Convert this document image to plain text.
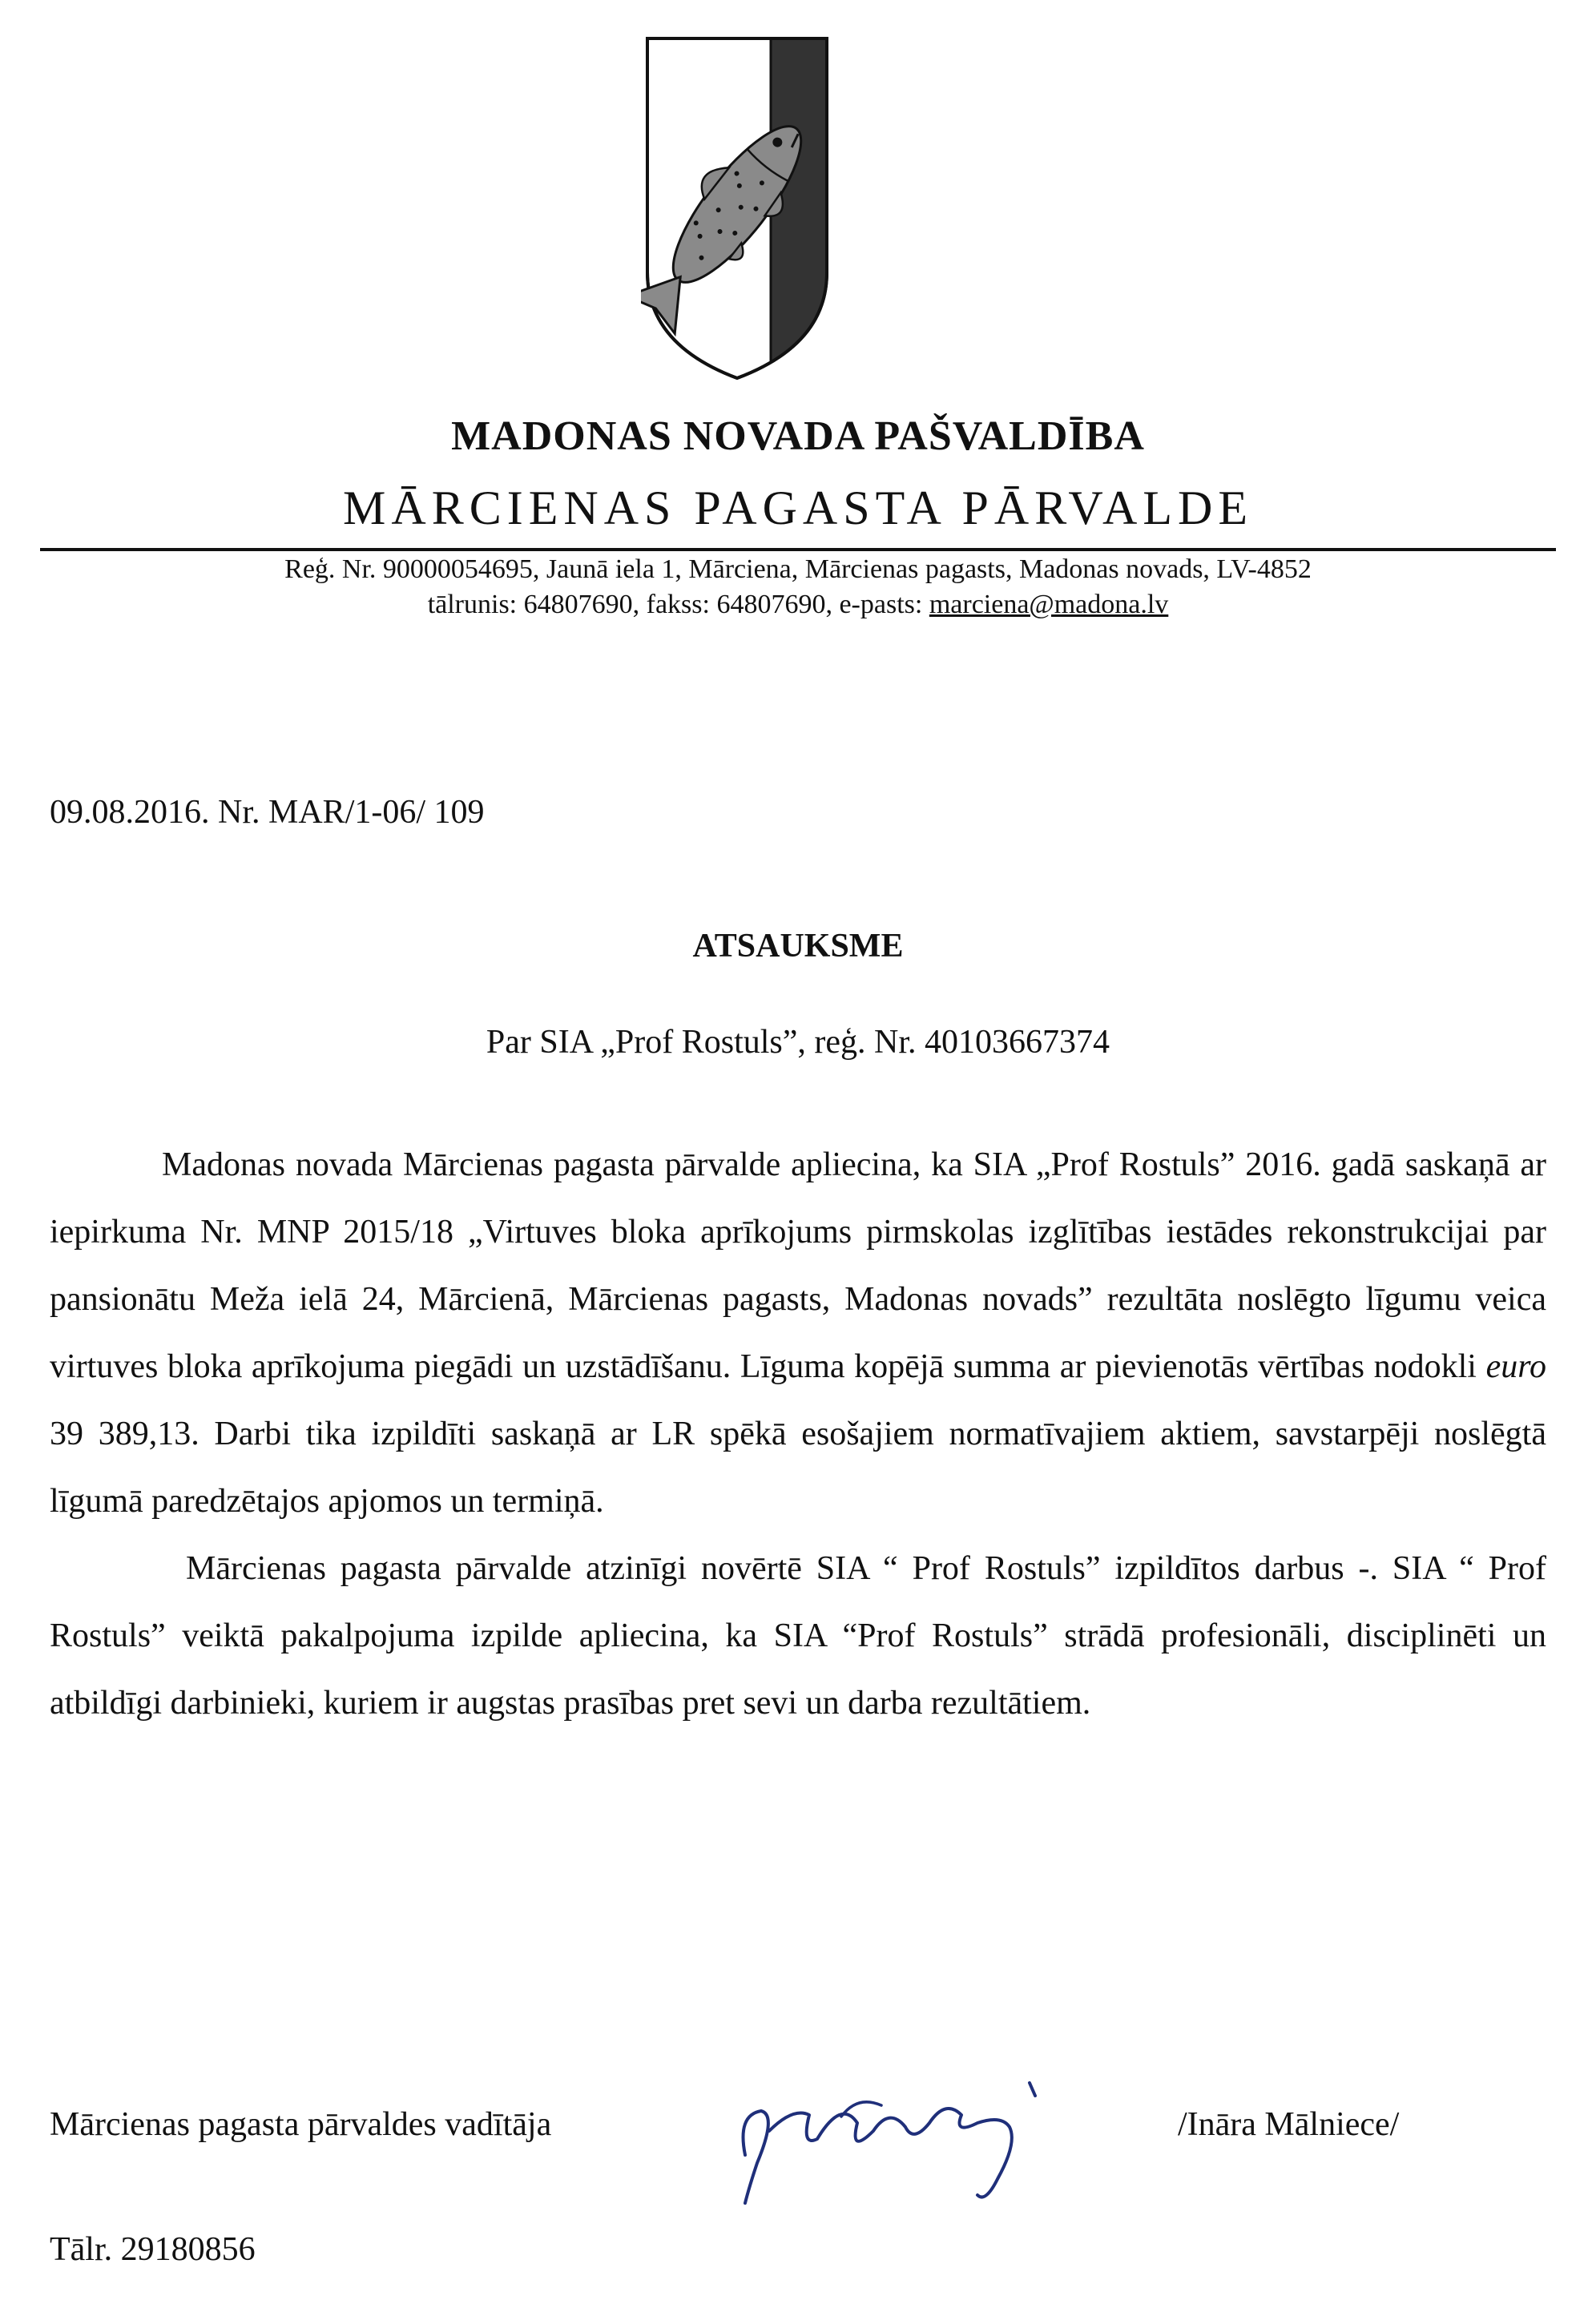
MADONAS NOVADA PAŠVALDĪBA
MĀRCIENAS PAGASTA PĀRVALDE
Reģ. Nr. 90000054695, Jaunā iela 1, Mārciena, Mārcienas pagasts, Madonas novads, LV-4852
tālrunis: 64807690, fakss: 64807690, e-pasts: marciena@madona.lv
09.08.2016. Nr. MAR/1-06/ 109
ATSAUKSME
Par SIA „Prof Rostuls”, reģ. Nr. 40103667374

Madonas novada Mārcienas pagasta pārvalde apliecina, ka SIA „Prof Rostuls” 2016. gadā saskaņā ar iepirkuma Nr. MNP 2015/18 „Virtuves bloka aprīkojums pirmskolas izglītības iestādes rekonstrukcijai par pansionātu Meža ielā 24, Mārcienā, Mārcienas pagasts, Madonas novads” rezultāta noslēgto līgumu veica virtuves bloka aprīkojuma piegādi un uzstādīšanu. Līguma kopējā summa ar pievienotās vērtības nodokli euro 39 389,13. Darbi tika izpildīti saskaņā ar LR spēkā esošajiem normatīvajiem aktiem, savstarpēji noslēgtā līgumā paredzētajos apjomos un termiņā.

Mārcienas pagasta pārvalde atzinīgi novērtē SIA “ Prof Rostuls” izpildītos darbus -. SIA “ Prof Rostuls” veiktā pakalpojuma izpilde apliecina, ka SIA “Prof Rostuls” strādā profesionāli, disciplinēti un atbildīgi darbinieki, kuriem ir augstas prasības pret sevi un darba rezultātiem.

Mārcienas pagasta pārvaldes vadītāja	/Ināra Mālniece/
Tālr. 29180856
